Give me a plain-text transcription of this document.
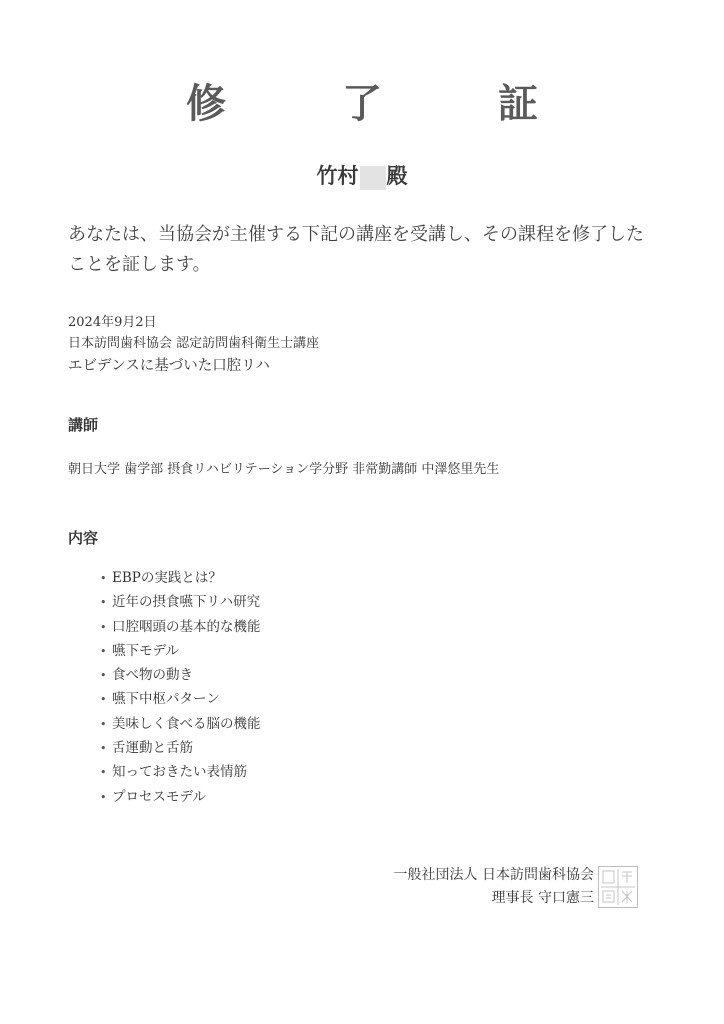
修　了　証
竹村 殿
あなたは、当協会が主催する下記の講座を受講し、その課程を修了したことを証します。
2024年9月2日
日本訪問歯科協会 認定訪問歯科衛生士講座
エビデンスに基づいた口腔リハ
講師
朝日大学 歯学部 摂食リハビリテーション学分野 非常勤講師 中澤悠里先生
内容
• EBPの実践とは？
• 近年の摂食嚥下リハ研究
• 口腔咽頭の基本的な機能
• 嚥下モデル
• 食べ物の動き
• 嚥下中枢パターン
• 美味しく食べる脳の機能
• 舌運動と舌筋
• 知っておきたい表情筋
• プロセスモデル
一般社団法人 日本訪問歯科協会
理事長 守口憲三
